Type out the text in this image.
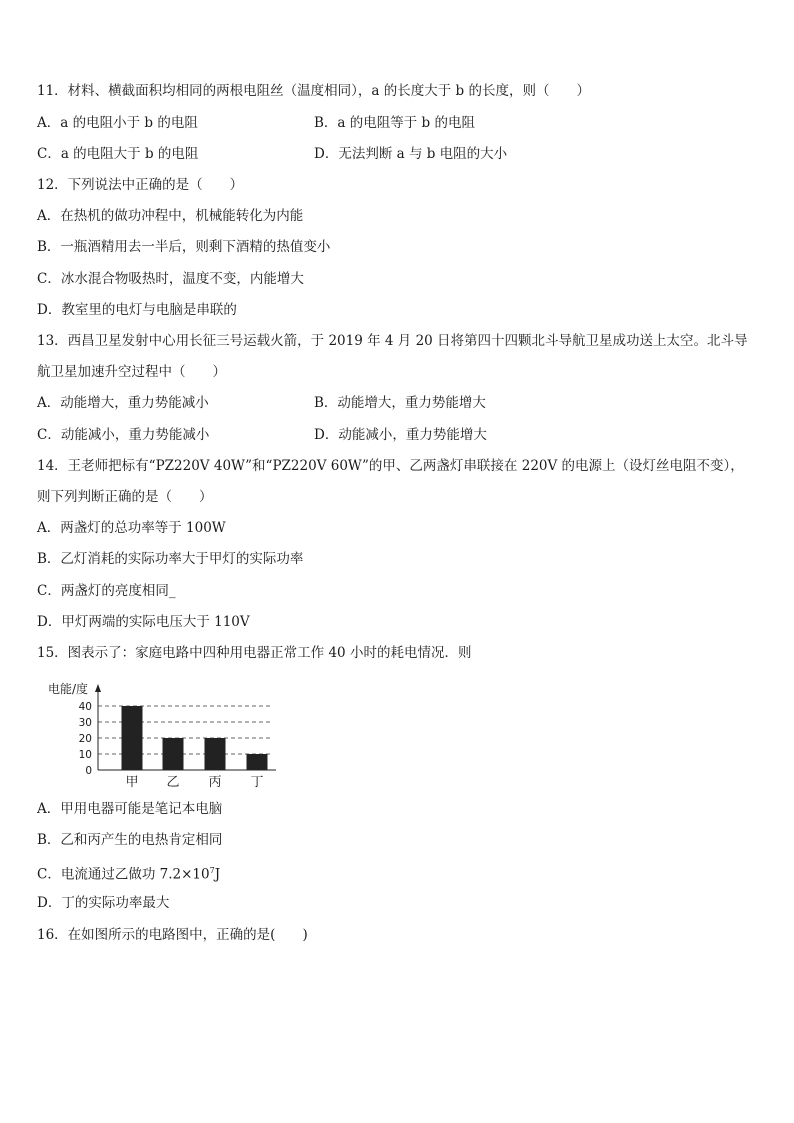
11．材料、横截面积均相同的两根电阻丝（温度相同），a 的长度大于 b 的长度，则（　　）
A．a 的电阻小于 b 的电阻	B．a 的电阻等于 b 的电阻
C．a 的电阻大于 b 的电阻	D．无法判断 a 与 b 电阻的大小
12．下列说法中正确的是（　　）
A．在热机的做功冲程中，机械能转化为内能
B．一瓶酒精用去一半后，则剩下酒精的热值变小
C．冰水混合物吸热时，温度不变，内能增大
D．教室里的电灯与电脑是串联的
13．西昌卫星发射中心用长征三号运载火箭，于 2019 年 4 月 20 日将第四十四颗北斗导航卫星成功送上太空。北斗导
航卫星加速升空过程中（　　）
A．动能增大，重力势能减小	B．动能增大，重力势能增大
C．动能减小，重力势能减小	D．动能减小，重力势能增大
14．王老师把标有“PZ220V 40W”和“PZ220V 60W”的甲、乙两盏灯串联接在 220V 的电源上（设灯丝电阻不变），
则下列判断正确的是（　　）
A．两盏灯的总功率等于 100W
B．乙灯消耗的实际功率大于甲灯的实际功率
C．两盏灯的亮度相同_
D．甲灯两端的实际电压大于 110V
15．图表示了：家庭电路中四种用电器正常工作 40 小时的耗电情况．则
电能/度
0
10
20
30
40
甲 乙 丙 丁
A．甲用电器可能是笔记本电脑
B．乙和丙产生的电热肯定相同
C．电流通过乙做功 $7.2\times 10^7J$
D．丁的实际功率最大
16．在如图所示的电路图中，正确的是(　　)
